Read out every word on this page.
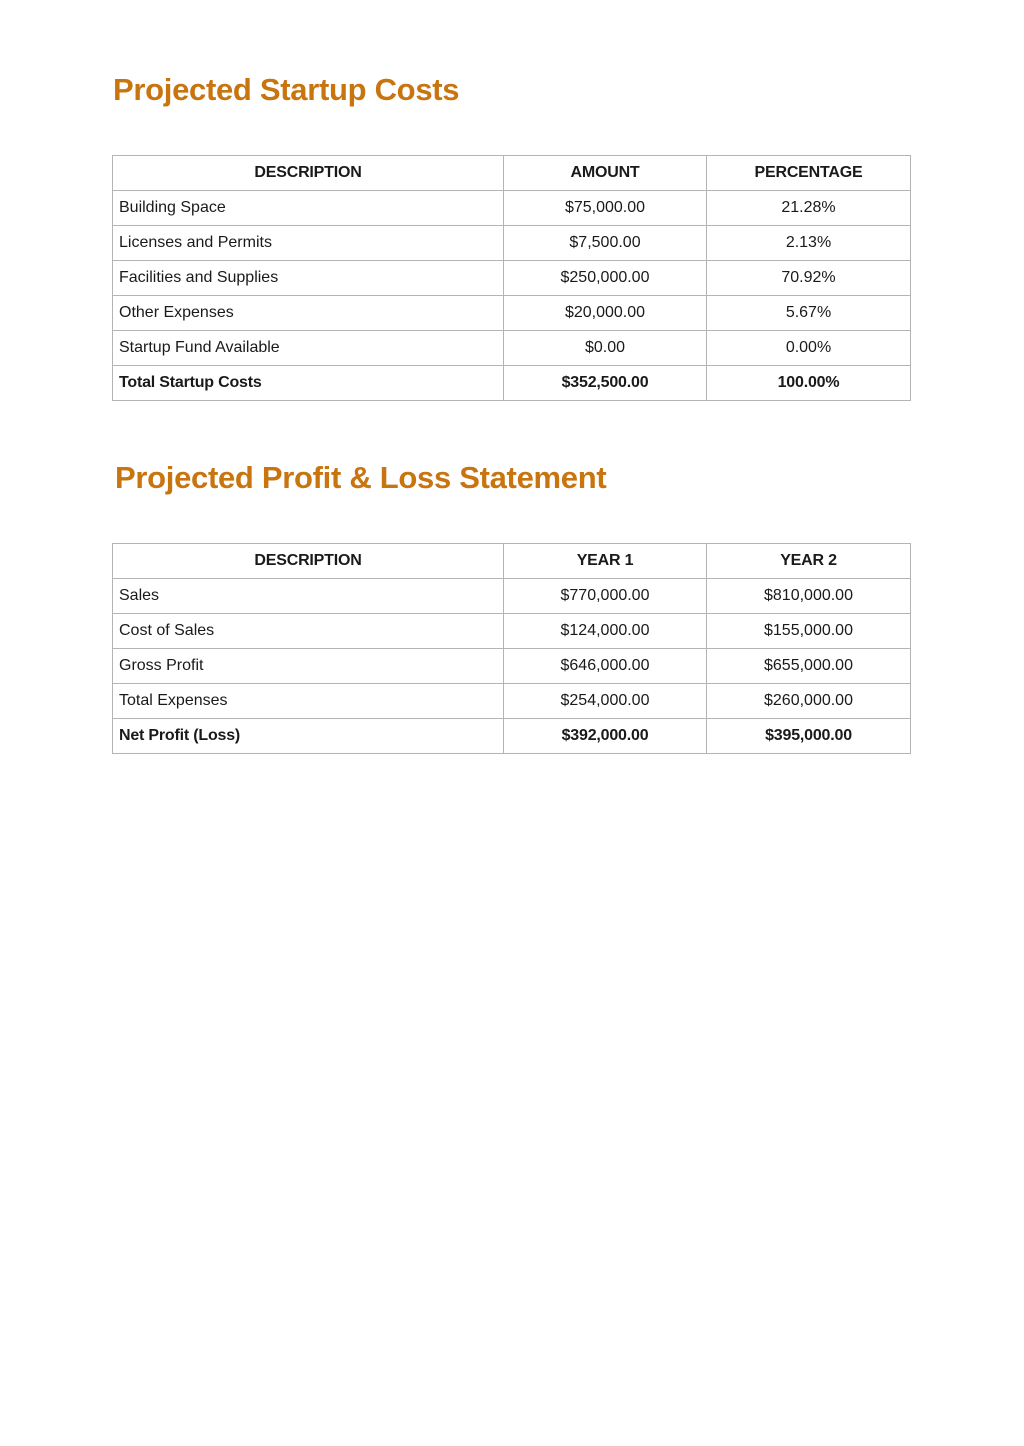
Projected Startup Costs
DESCRIPTION	AMOUNT	PERCENTAGE
Building Space	$75,000.00	21.28%
Licenses and Permits	$7,500.00	2.13%
Facilities and Supplies	$250,000.00	70.92%
Other Expenses	$20,000.00	5.67%
Startup Fund Available	$0.00	0.00%
Total Startup Costs	$352,500.00	100.00%
Projected Profit & Loss Statement
DESCRIPTION	YEAR 1	YEAR 2
Sales	$770,000.00	$810,000.00
Cost of Sales	$124,000.00	$155,000.00
Gross Profit	$646,000.00	$655,000.00
Total Expenses	$254,000.00	$260,000.00
Net Profit (Loss)	$392,000.00	$395,000.00
